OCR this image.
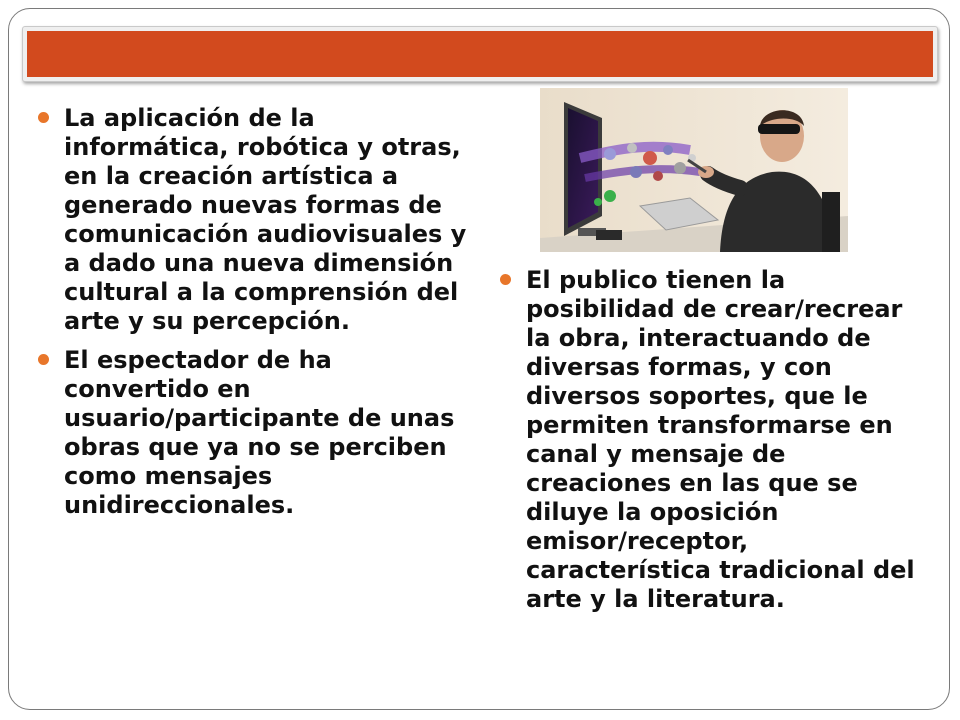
La aplicación de la informática, robótica y otras, en la creación artística a generado nuevas formas de comunicación audiovisuales y a dado una nueva dimensión cultural a la comprensión del arte y su percepción.
El espectador de ha convertido en usuario/participante de unas obras que ya no se perciben como mensajes unidireccionales.
El publico tienen la posibilidad de crear/recrear la obra, interactuando de diversas formas, y con diversos soportes, que le permiten transformarse en canal y mensaje de creaciones en las que se diluye la oposición emisor/receptor, característica tradicional del arte y la literatura.
